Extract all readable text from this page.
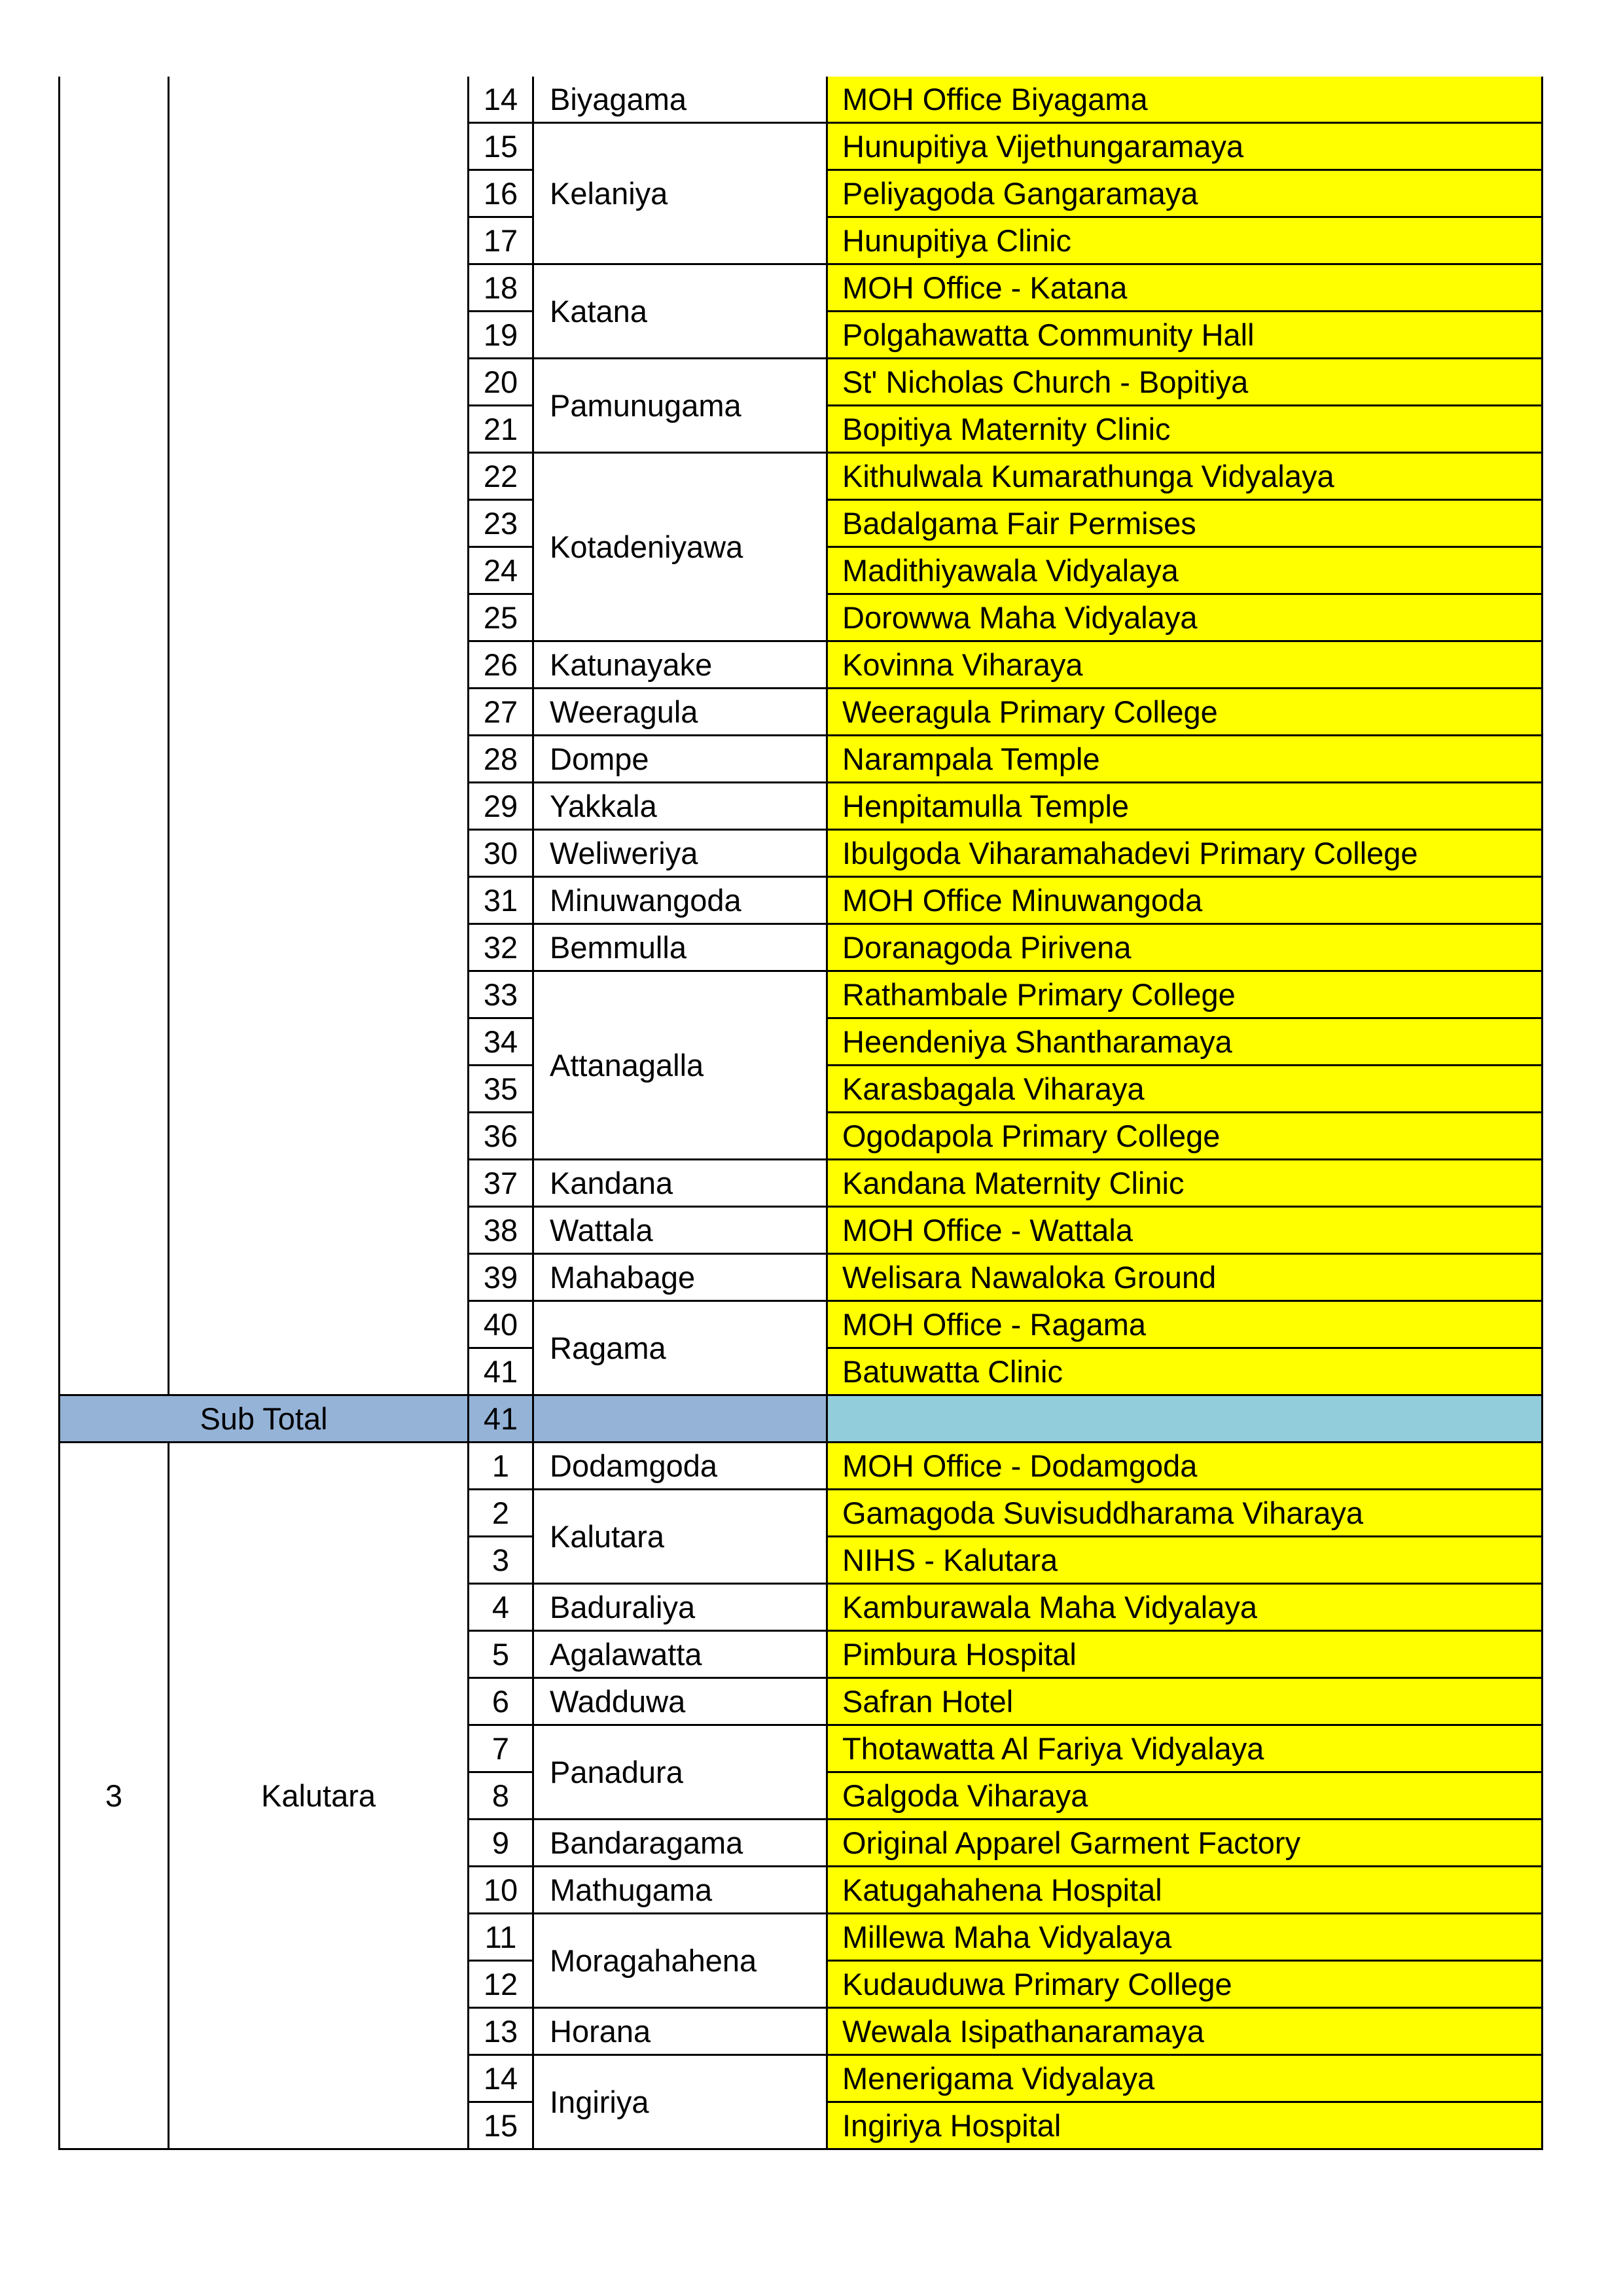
		14	Biyagama	MOH Office Biyagama
		15	Kelaniya	Hunupitiya Vijethungaramaya
		16		Peliyagoda Gangaramaya
		17		Hunupitiya Clinic
		18	Katana	MOH Office - Katana
		19		Polgahawatta Community Hall
		20	Pamunugama	St' Nicholas Church - Bopitiya
		21		Bopitiya Maternity Clinic
		22	Kotadeniyawa	Kithulwala Kumarathunga Vidyalaya
		23		Badalgama Fair Permises
		24		Madithiyawala Vidyalaya
		25		Dorowwa Maha Vidyalaya
		26	Katunayake	Kovinna Viharaya
		27	Weeragula	Weeragula Primary College
		28	Dompe	Narampala Temple
		29	Yakkala	Henpitamulla Temple
		30	Weliweriya	Ibulgoda Viharamahadevi Primary College
		31	Minuwangoda	MOH Office Minuwangoda
		32	Bemmulla	Doranagoda Pirivena
		33	Attanagalla	Rathambale Primary College
		34		Heendeniya Shantharamaya
		35		Karasbagala Viharaya
		36		Ogodapola Primary College
		37	Kandana	Kandana Maternity Clinic
		38	Wattala	MOH Office - Wattala
		39	Mahabage	Welisara Nawaloka Ground
		40	Ragama	MOH Office - Ragama
		41		Batuwatta Clinic
Sub Total		41		
3	Kalutara	1	Dodamgoda	MOH Office - Dodamgoda
		2	Kalutara	Gamagoda Suvisuddharama Viharaya
		3		NIHS - Kalutara
		4	Baduraliya	Kamburawala Maha Vidyalaya
		5	Agalawatta	Pimbura Hospital
		6	Wadduwa	Safran Hotel
		7	Panadura	Thotawatta Al Fariya Vidyalaya
		8		Galgoda Viharaya
		9	Bandaragama	Original Apparel Garment Factory
		10	Mathugama	Katugahahena Hospital
		11	Moragahahena	Millewa Maha Vidyalaya
		12		Kudauduwa Primary College
		13	Horana	Wewala Isipathanaramaya
		14	Ingiriya	Menerigama Vidyalaya
		15		Ingiriya Hospital
